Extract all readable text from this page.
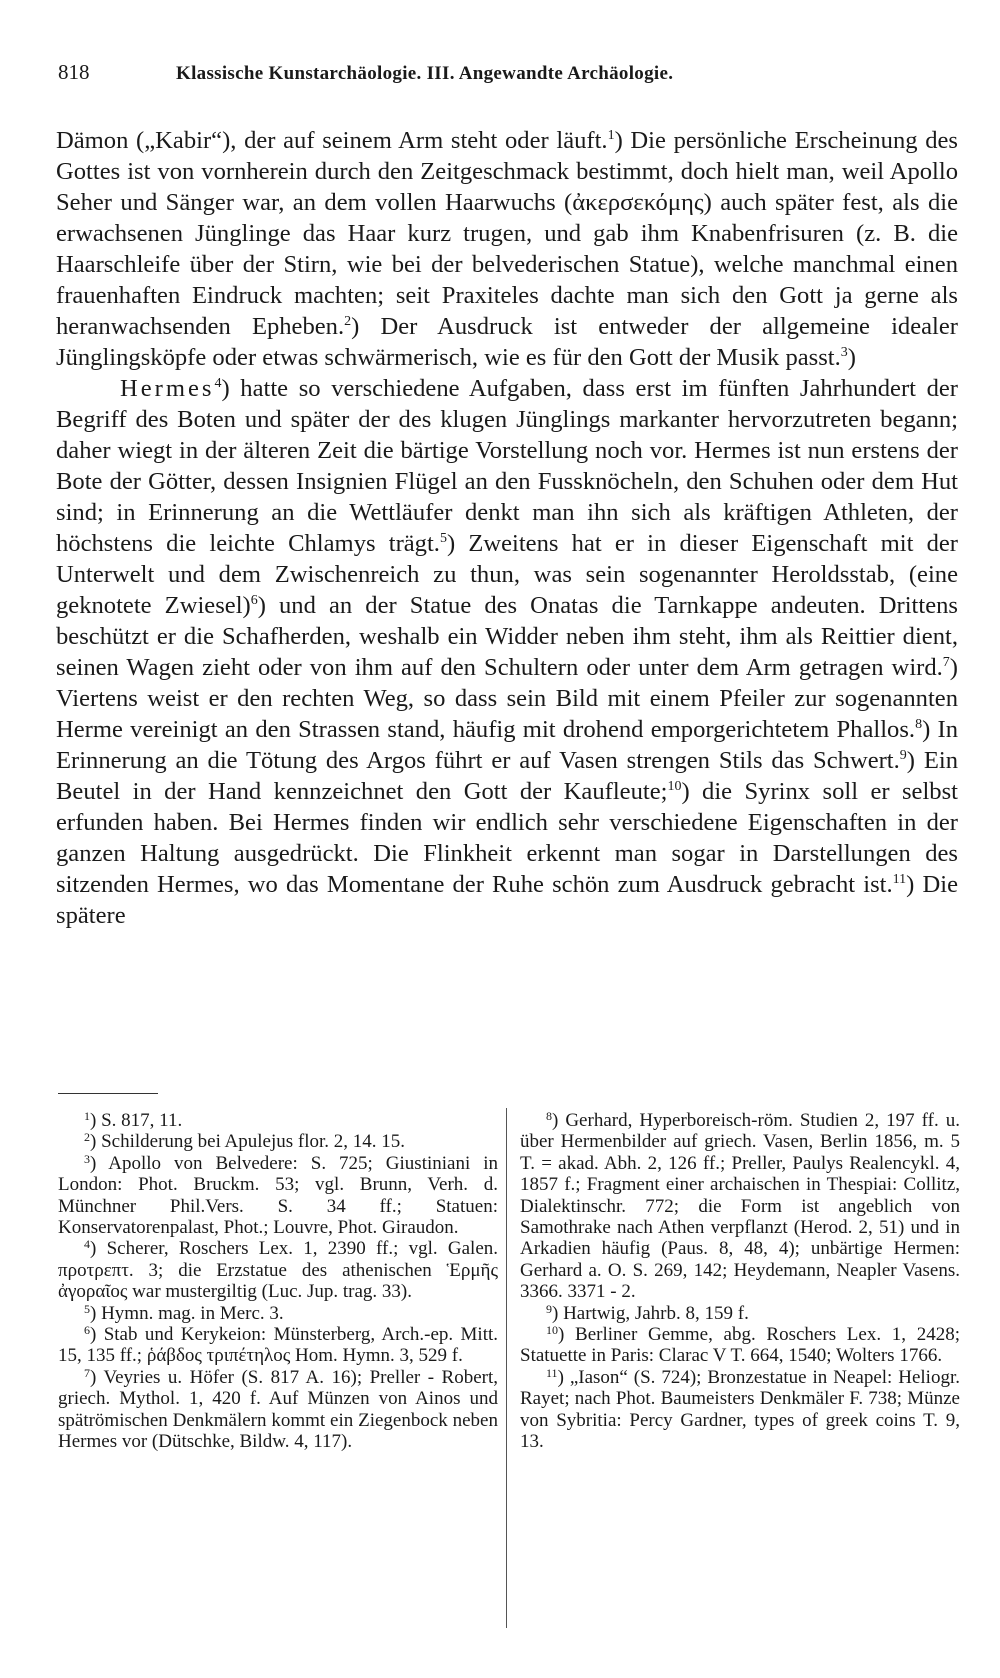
818	Klassische Kunstarchäologie. III. Angewandte Archäologie.

Dämon („Kabir“), der auf seinem Arm steht oder läuft.$^1$) Die persönliche Erscheinung des Gottes ist von vornherein durch den Zeitgeschmack bestimmt, doch hielt man, weil Apollo Seher und Sänger war, an dem vollen Haarwuchs (ἀκερσεκόμης) auch später fest, als die erwachsenen Jünglinge das Haar kurz trugen, und gab ihm Knabenfrisuren (z. B. die Haarschleife über der Stirn, wie bei der belvederischen Statue), welche manchmal einen frauenhaften Eindruck machten; seit Praxiteles dachte man sich den Gott ja gerne als heranwachsenden Epheben.$^2$) Der Ausdruck ist entweder der allgemeine idealer Jünglingsköpfe oder etwas schwärmerisch, wie es für den Gott der Musik passt.$^3$)

Hermes$^4$) hatte so verschiedene Aufgaben, dass erst im fünften Jahrhundert der Begriff des Boten und später der des klugen Jünglings markanter hervorzutreten begann; daher wiegt in der älteren Zeit die bärtige Vorstellung noch vor. Hermes ist nun erstens der Bote der Götter, dessen Insignien Flügel an den Fussknöcheln, den Schuhen oder dem Hut sind; in Erinnerung an die Wettläufer denkt man ihn sich als kräftigen Athleten, der höchstens die leichte Chlamys trägt.$^5$) Zweitens hat er in dieser Eigenschaft mit der Unterwelt und dem Zwischenreich zu thun, was sein sogenannter Heroldsstab, (eine geknotete Zwiesel)$^6$) und an der Statue des Onatas die Tarnkappe andeuten. Drittens beschützt er die Schafherden, weshalb ein Widder neben ihm steht, ihm als Reittier dient, seinen Wagen zieht oder von ihm auf den Schultern oder unter dem Arm getragen wird.$^7$) Viertens weist er den rechten Weg, so dass sein Bild mit einem Pfeiler zur sogenannten Herme vereinigt an den Strassen stand, häufig mit drohend emporgerichtetem Phallos.$^8$) In Erinnerung an die Tötung des Argos führt er auf Vasen strengen Stils das Schwert.$^9$) Ein Beutel in der Hand kennzeichnet den Gott der Kaufleute;$^{10}$) die Syrinx soll er selbst erfunden haben. Bei Hermes finden wir endlich sehr verschiedene Eigenschaften in der ganzen Haltung ausgedrückt. Die Flinkheit erkennt man sogar in Darstellungen des sitzenden Hermes, wo das Momentane der Ruhe schön zum Ausdruck gebracht ist.$^{11}$) Die spätere

$^1$) S. 817, 11.

$^2$) Schilderung bei Apulejus flor. 2, 14. 15.

$^3$) Apollo von Belvedere: S. 725; Giustiniani in London: Phot. Bruckm. 53; vgl. Brunn, Verh. d. Münchner Phil.Vers. S. 34 ff.; Statuen: Konservatorenpalast, Phot.; Louvre, Phot. Giraudon.

$^4$) Scherer, Roschers Lex. 1, 2390 ff.; vgl. Galen. προτρεπτ. 3; die Erzstatue des athenischen Ἑρμῆς ἀγοραῖος war mustergiltig (Luc. Jup. trag. 33).

$^5$) Hymn. mag. in Merc. 3.

$^6$) Stab und Kerykeion: Münsterberg, Arch.-ep. Mitt. 15, 135 ff.; ῥάβδος τριπέτηλος Hom. Hymn. 3, 529 f.

$^7$) Veyries u. Höfer (S. 817 A. 16); Preller - Robert, griech. Mythol. 1, 420 f. Auf Münzen von Ainos und spätrömischen Denkmälern kommt ein Ziegenbock neben Hermes vor (Dütschke, Bildw. 4, 117).

$^8$) Gerhard, Hyperboreisch-röm. Studien 2, 197 ff. u. über Hermenbilder auf griech. Vasen, Berlin 1856, m. 5 T. = akad. Abh. 2, 126 ff.; Preller, Paulys Realencykl. 4, 1857 f.; Fragment einer archaischen in Thespiai: Collitz, Dialektinschr. 772; die Form ist angeblich von Samothrake nach Athen verpflanzt (Herod. 2, 51) und in Arkadien häufig (Paus. 8, 48, 4); unbärtige Hermen: Gerhard a. O. S. 269, 142; Heydemann, Neapler Vasens. 3366. 3371 - 2.

$^9$) Hartwig, Jahrb. 8, 159 f.

$^{10}$) Berliner Gemme, abg. Roschers Lex. 1, 2428; Statuette in Paris: Clarac V T. 664, 1540; Wolters 1766.

$^{11}$) „Iason“ (S. 724); Bronzestatue in Neapel: Heliogr. Rayet; nach Phot. Baumeisters Denkmäler F. 738; Münze von Sybritia: Percy Gardner, types of greek coins T. 9, 13.
